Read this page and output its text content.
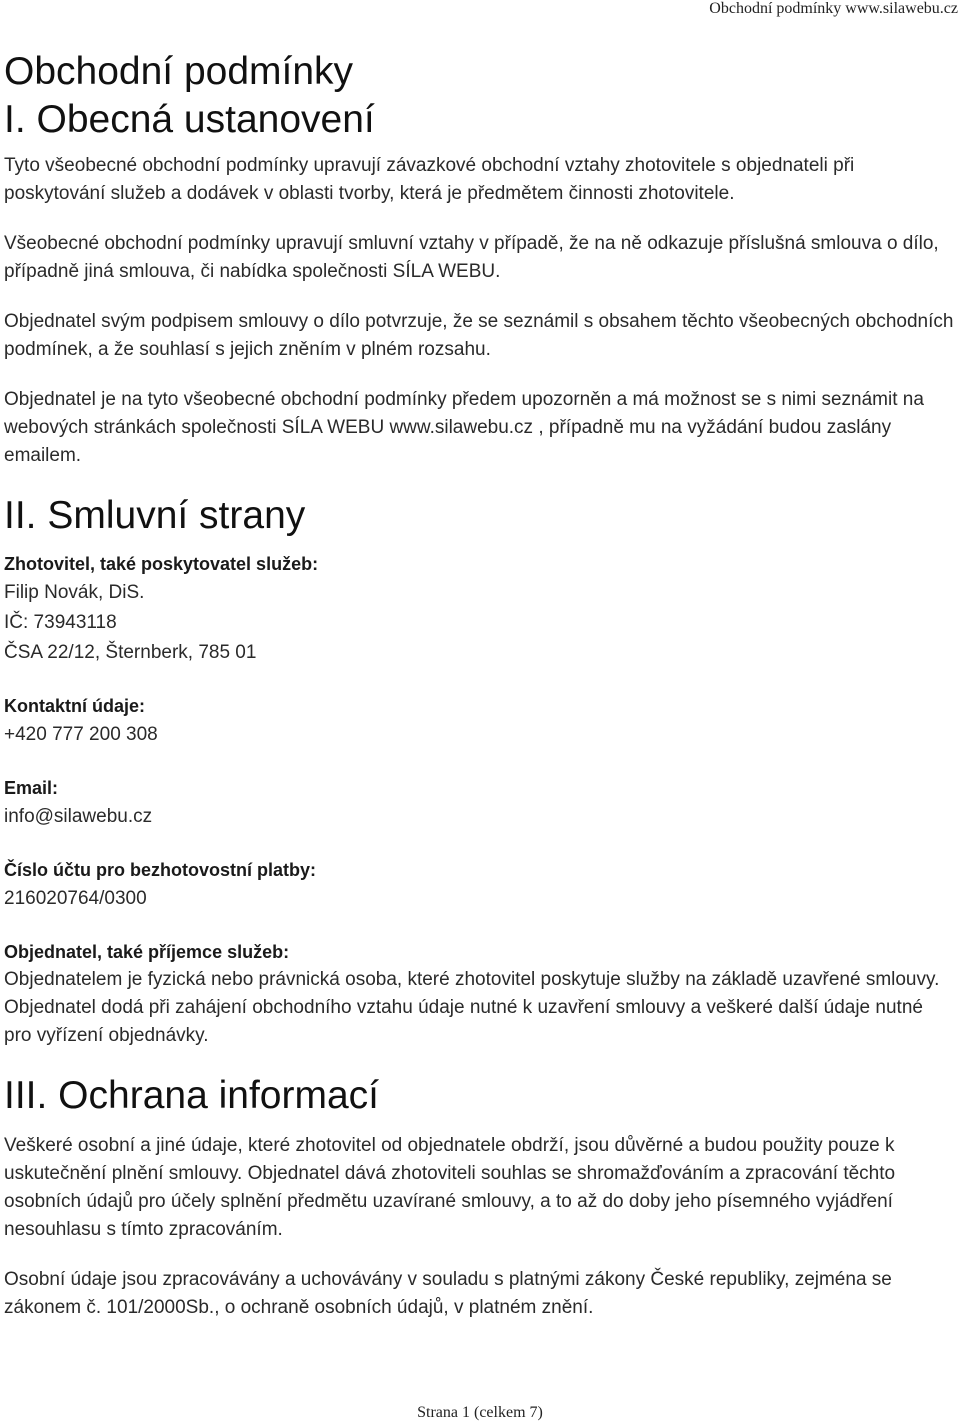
Obchodní podmínky www.silawebu.cz
Obchodní podmínky
I. Obecná ustanovení

Tyto všeobecné obchodní podmínky upravují závazkové obchodní vztahy zhotovitele s objednateli při poskytování služeb a dodávek v oblasti tvorby, která je předmětem činnosti zhotovitele.

Všeobecné obchodní podmínky upravují smluvní vztahy v případě, že na ně odkazuje příslušná smlouva o dílo, případně jiná smlouva, či nabídka společnosti SÍLA WEBU.

Objednatel svým podpisem smlouvy o dílo potvrzuje, že se seznámil s obsahem těchto všeobecných obchodních podmínek, a že souhlasí s jejich zněním v plném rozsahu.

Objednatel je na tyto všeobecné obchodní podmínky předem upozorněn a má možnost se s nimi seznámit na webových stránkách společnosti SÍLA WEBU www.silawebu.cz , případně mu na vyžádání budou zaslány emailem.

II. Smluvní strany
Zhotovitel, také poskytovatel služeb:
Filip Novák, DiS.
IČ: 73943118
ČSA 22/12, Šternberk, 785 01
Kontaktní údaje:
+420 777 200 308
Email:
info@silawebu.cz
Číslo účtu pro bezhotovostní platby:
216020764/0300
Objednatel, také příjemce služeb:

Objednatelem je fyzická nebo právnická osoba, které zhotovitel poskytuje služby na základě uzavřené smlouvy. Objednatel dodá při zahájení obchodního vztahu údaje nutné k uzavření smlouvy a veškeré další údaje nutné pro vyřízení objednávky.

III. Ochrana informací

Veškeré osobní a jiné údaje, které zhotovitel od objednatele obdrží, jsou důvěrné a budou použity pouze k uskutečnění plnění smlouvy. Objednatel dává zhotoviteli souhlas se shromažďováním a zpracování těchto osobních údajů pro účely splnění předmětu uzavírané smlouvy, a to až do doby jeho písemného vyjádření nesouhlasu s tímto zpracováním.

Osobní údaje jsou zpracovávány a uchovávány v souladu s platnými zákony České republiky, zejména se zákonem č. 101/2000Sb., o ochraně osobních údajů, v platném znění.

Strana 1 (celkem 7)
